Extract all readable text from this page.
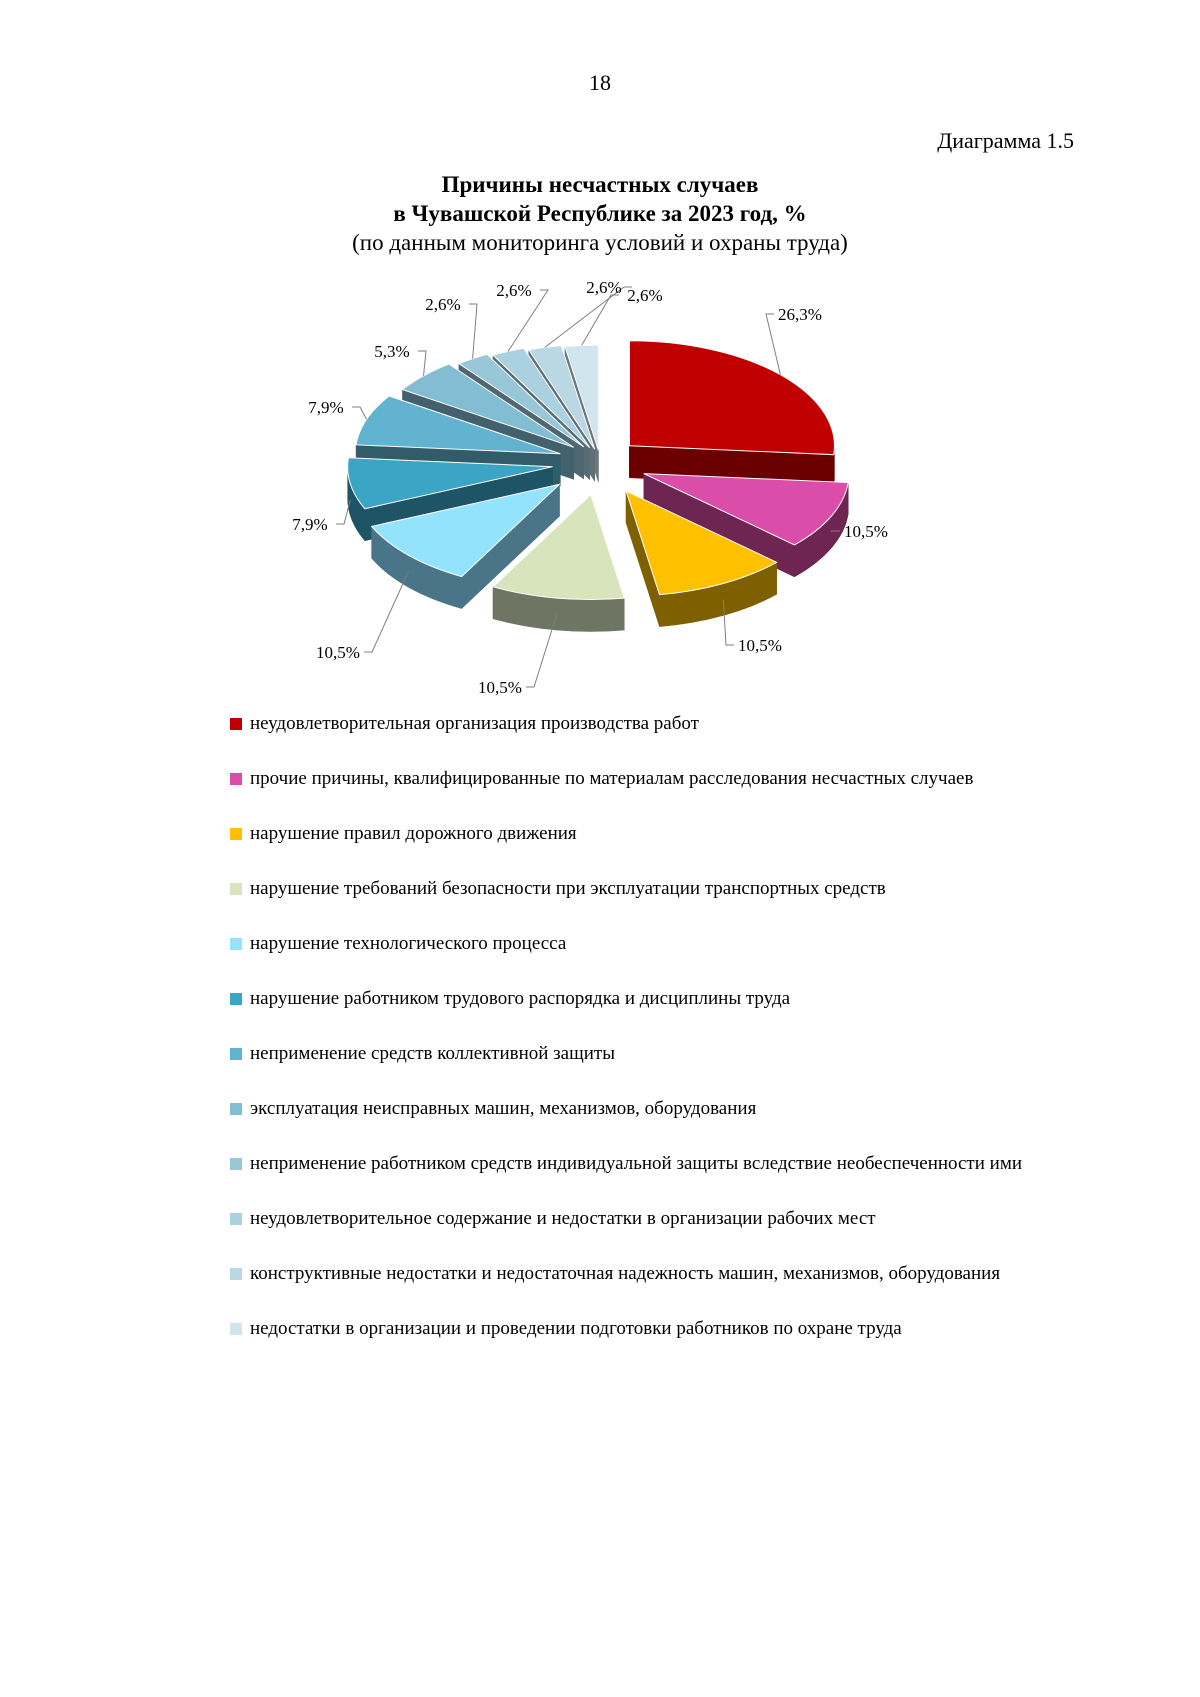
18
Диаграмма 1.5
Причины несчастных случаев
в Чувашской Республике за 2023 год, %
(по данным мониторинга условий и охраны труда)
26,3%
10,5%
10,5%
10,5%
10,5%
7,9%
7,9%
5,3%
2,6%
2,6%	2,6% 2,6%
неудовлетворительная организация производства работ
прочие причины, квалифицированные по материалам расследования несчастных случаев
нарушение правил дорожного движения
нарушение требований безопасности при эксплуатации транспортных средств
нарушение технологического процесса
нарушение работником трудового распорядка и дисциплины труда
неприменение средств коллективной защиты
эксплуатация неисправных машин, механизмов, оборудования
неприменение работником средств индивидуальной защиты вследствие необеспеченности ими
неудовлетворительное содержание и недостатки в организации рабочих мест
конструктивные недостатки и недостаточная надежность машин, механизмов, оборудования
недостатки в организации и проведении подготовки работников по охране труда
